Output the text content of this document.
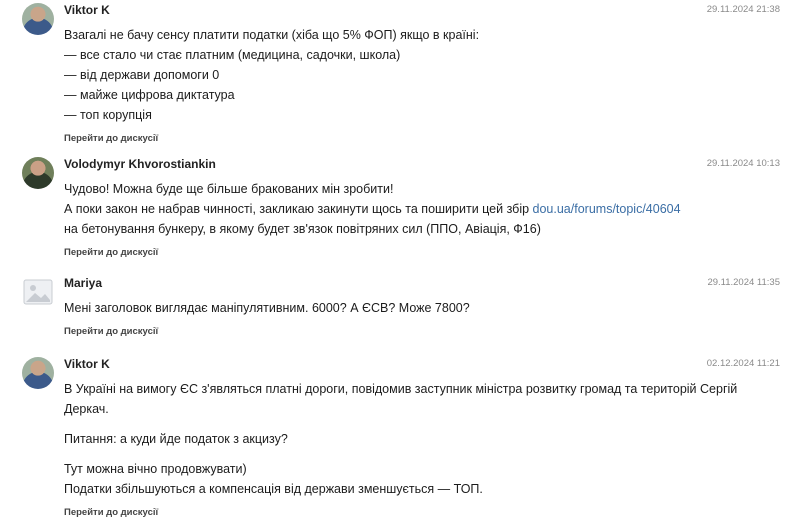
Viktor K	29.11.2024 21:38

Взагалі не бачу сенсу платити податки (хіба що 5% ФОП) якщо в країні:

— все стало чи стає платним (медицина, садочки, школа)

— від держави допомоги 0

— майже цифрова диктатура

— топ корупція

Перейти до дискусії
Volodymyr Khvorostiankin	29.11.2024 10:13

Чудово! Можна буде ще більше бракованих мін зробити!

А поки закон не набрав чинності, закликаю закинути щось та поширити цей збір dou.ua/forums/topic/40604

на бетонування бункеру, в якому будет зв'язок повітряних сил (ППО, Авіація, Ф16)

Перейти до дискусії
Mariya	29.11.2024 11:35

Мені заголовок виглядає маніпулятивним. 6000? А ЄСВ? Може 7800?

Перейти до дискусії
Viktor K	02.12.2024 11:21

В Україні на вимогу ЄС з'являться платні дороги, повідомив заступник міністра розвитку громад та територій Сергій

Деркач.

Питання: а куди йде податок з акцизу?

Тут можна вічно продовжувати)

Податки збільшуються а компенсація від держави зменшується — ТОП.

Перейти до дискусії
